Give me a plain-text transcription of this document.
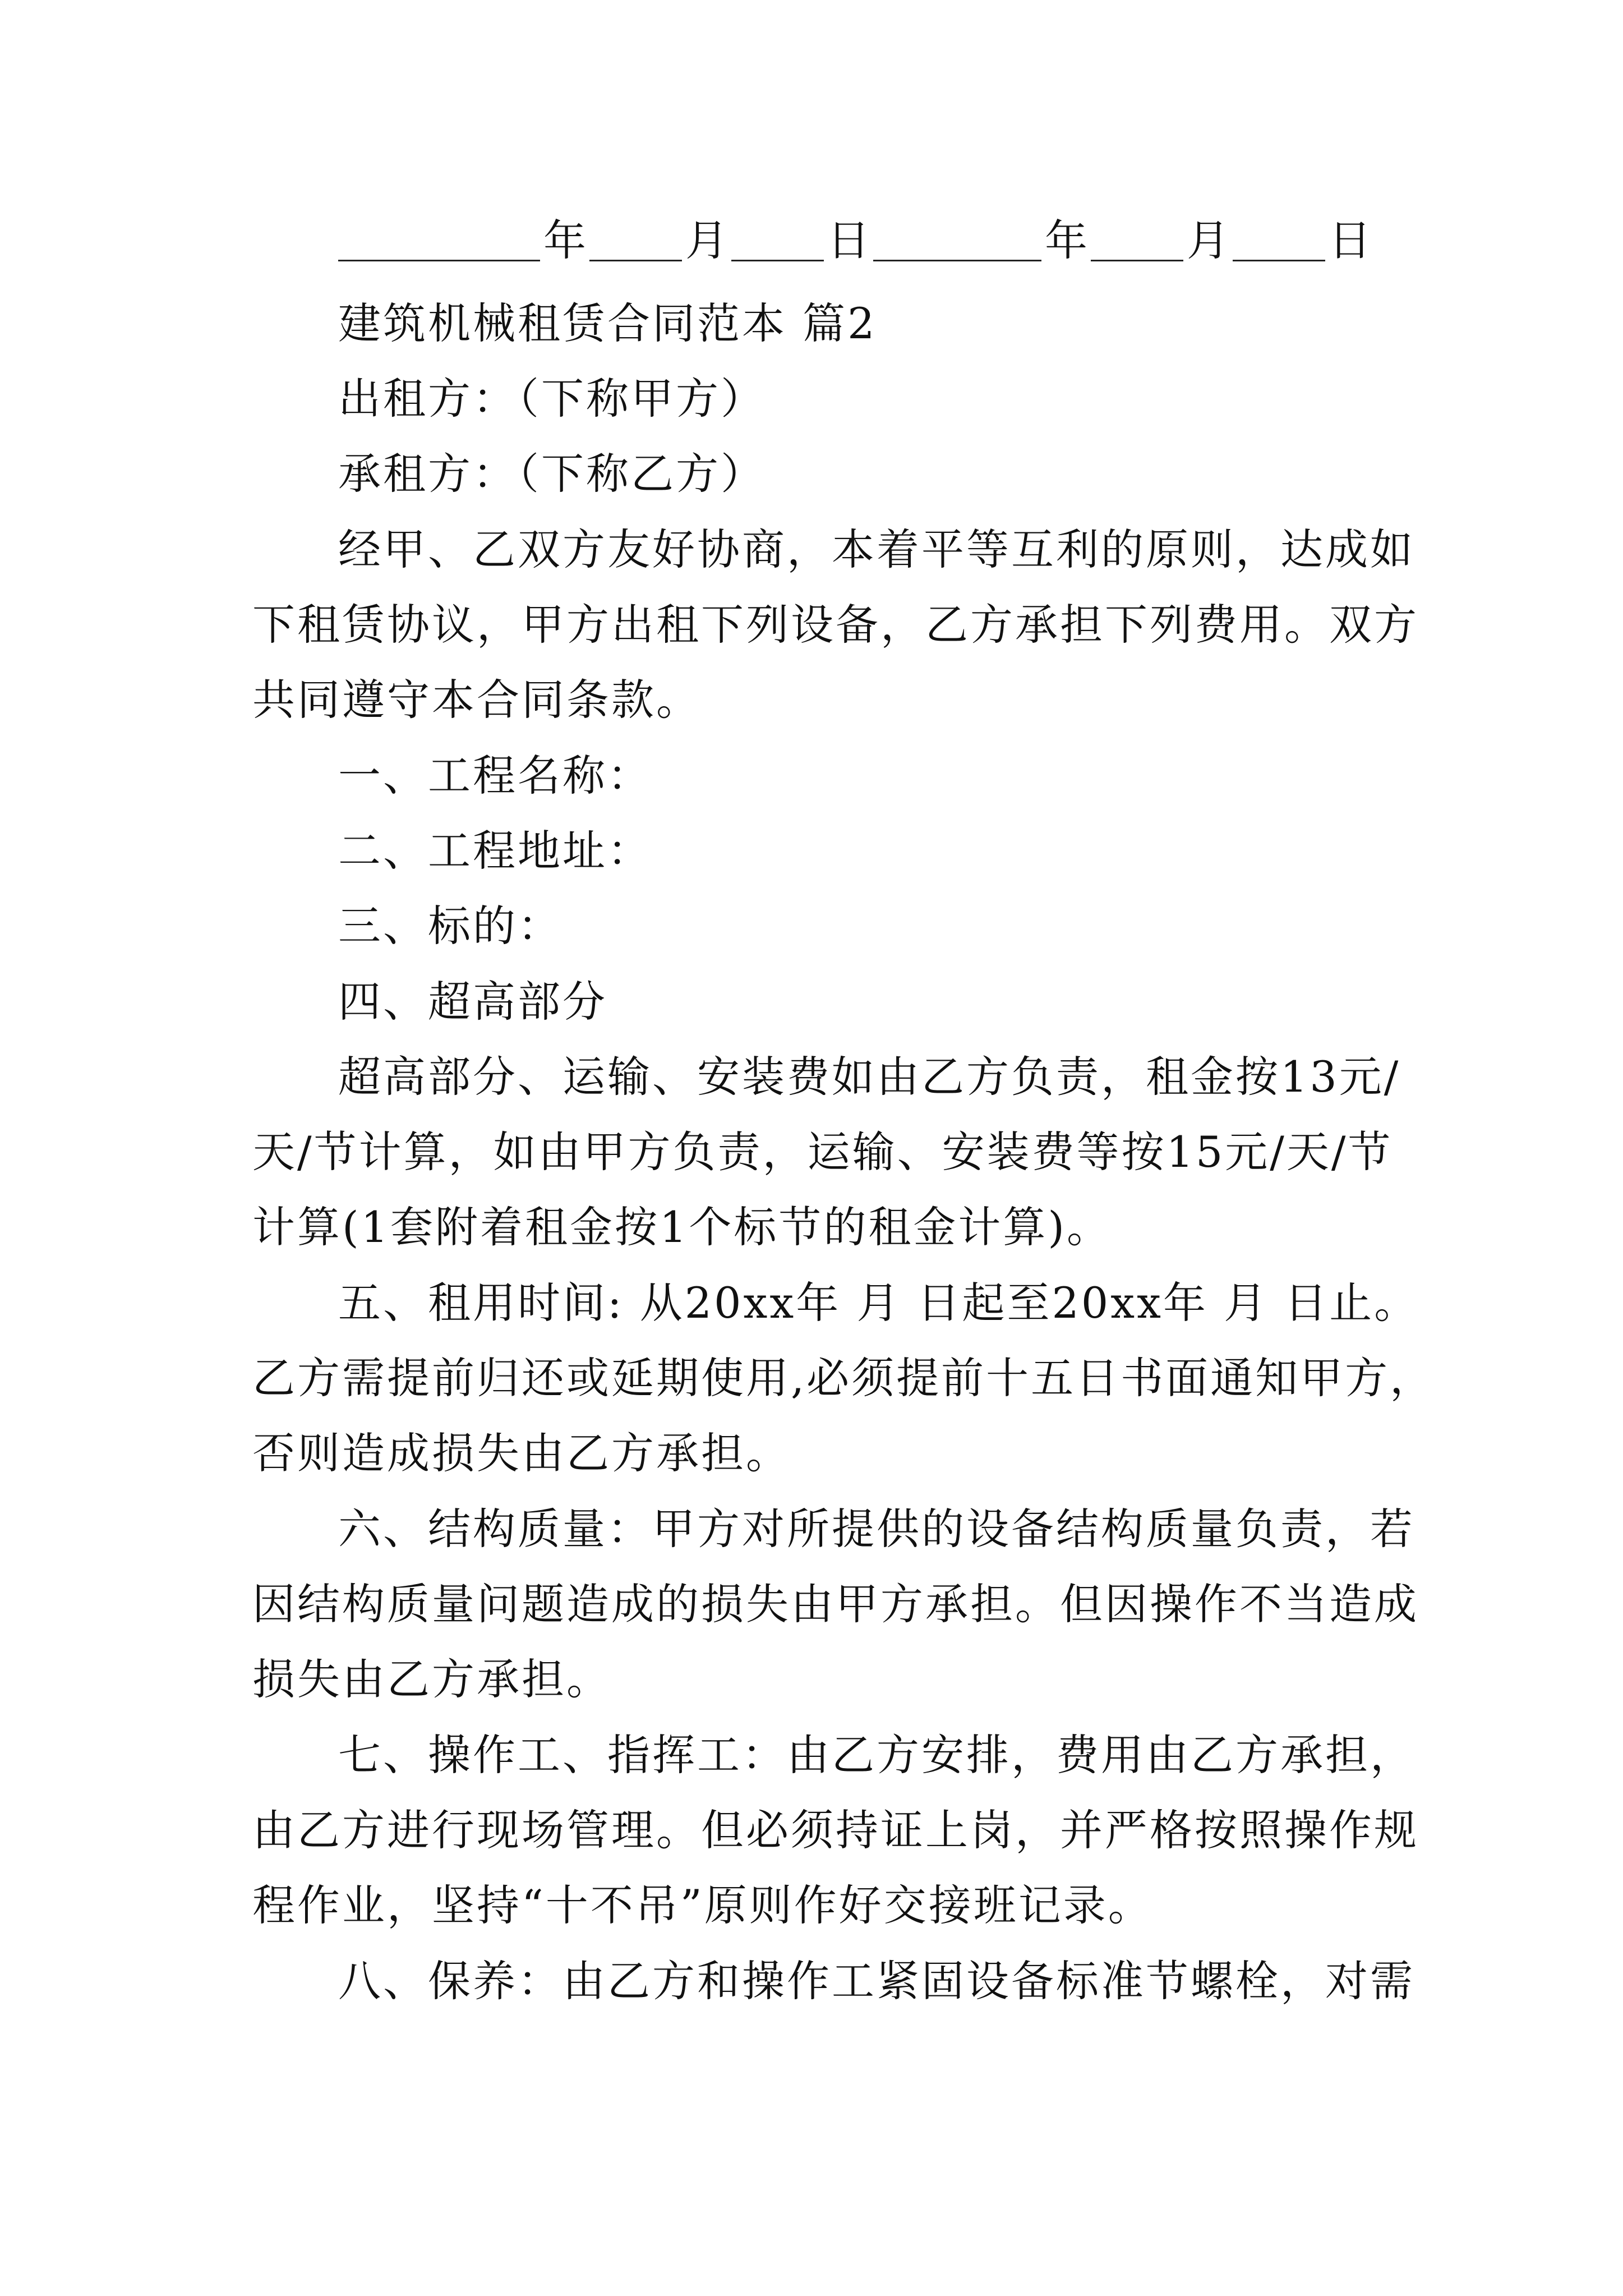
年 月 日	年 月 日
建筑机械租赁合同范本 篇2
出租方：（下称甲方）
承租方：（下称乙方）
经甲、乙双方友好协商，本着平等互利的原则，达成如
下租赁协议，甲方出租下列设备，乙方承担下列费用。双方
共同遵守本合同条款。
一、工程名称：
二、工程地址：
三、标的：
四、超高部分
超高部分、运输、安装费如由乙方负责，租金按13元/
天/节计算，如由甲方负责，运输、安装费等按15元/天/节
计算(1套附着租金按1个标节的租金计算)。
五、租用时间: 从20xx年 月 日起至20xx年 月 日止。
乙方需提前归还或延期使用,必须提前十五日书面通知甲方，
否则造成损失由乙方承担。
六、结构质量：甲方对所提供的设备结构质量负责，若
因结构质量问题造成的损失由甲方承担。但因操作不当造成
损失由乙方承担。
七、操作工、指挥工：由乙方安排，费用由乙方承担，
由乙方进行现场管理。但必须持证上岗，并严格按照操作规
程作业，坚持“十不吊”原则作好交接班记录。
八、保养：由乙方和操作工紧固设备标准节螺栓，对需
